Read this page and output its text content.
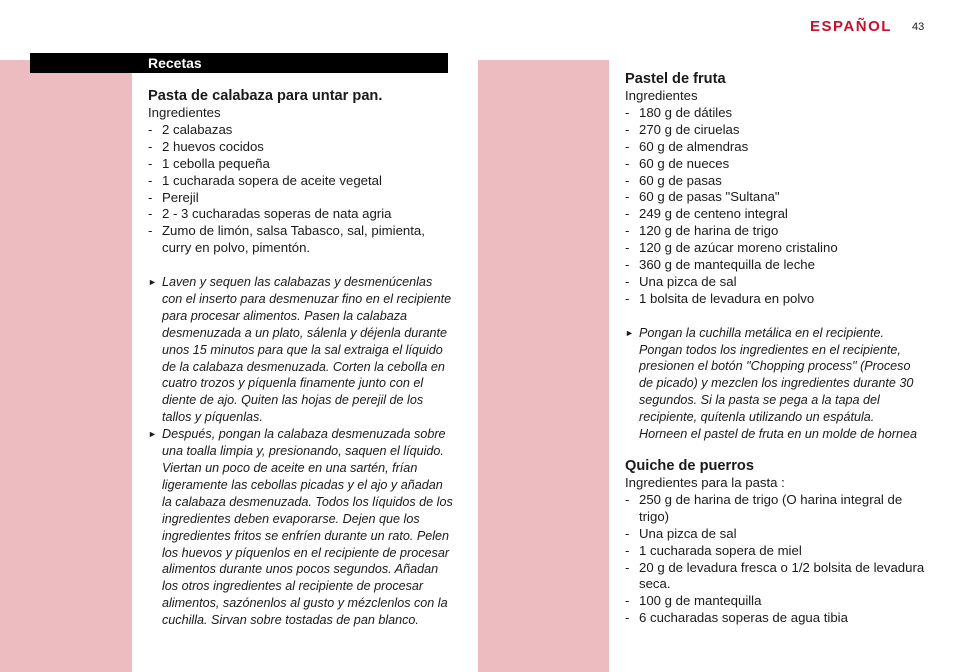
ESPAÑOL 43
Recetas

Pasta de calabaza para untar pan.

Ingredientes

- 2 calabazas
- 2 huevos cocidos
- 1 cebolla pequeña
- 1 cucharada sopera de aceite vegetal
- Perejil
- 2 - 3 cucharadas soperas de nata agria
- Zumo de limón, salsa Tabasco, sal, pimienta, curry en polvo, pimentón.
► Laven y sequen las calabazas y desmenúcenlas con el inserto para desmenuzar fino en el recipiente para procesar alimentos. Pasen la calabaza desmenuzada a un plato, sálenla y déjenla durante unos 15 minutos para que la sal extraiga el líquido de la calabaza desmenuzada. Corten la cebolla en cuatro trozos y píquenla finamente junto con el diente de ajo. Quiten las hojas de perejil de los tallos y píquenlas.
► Después, pongan la calabaza desmenuzada sobre una toalla limpia y, presionando, saquen el líquido. Viertan un poco de aceite en una sartén, frían ligeramente las cebollas picadas y el ajo y añadan la calabaza desmenuzada. Todos los líquidos de los ingredientes deben evaporarse. Dejen que los ingredientes fritos se enfríen durante un rato. Pelen los huevos y píquenlos en el recipiente de procesar alimentos durante unos pocos segundos. Añadan los otros ingredientes al recipiente de procesar alimentos, sazónenlos al gusto y mézclenlos con la cuchilla. Sirvan sobre tostadas de pan blanco.

Pastel de fruta

Ingredientes

- 180 g de dátiles
- 270 g de ciruelas
- 60 g de almendras
- 60 g de nueces
- 60 g de pasas
- 60 g de pasas "Sultana"
- 249 g de centeno integral
- 120 g de harina de trigo
- 120 g de azúcar moreno cristalino
- 360 g de mantequilla de leche
- Una pizca de sal
- 1 bolsita de levadura en polvo
► Pongan la cuchilla metálica en el recipiente. Pongan todos los ingredientes en el recipiente, presionen el botón "Chopping process" (Proceso de picado) y mezclen los ingredientes durante 30 segundos. Si la pasta se pega a la tapa del recipiente, quítenla utilizando un espátula. Horneen el pastel de fruta en un molde de hornea

Quiche de puerros

Ingredientes para la pasta :

- 250 g de harina de trigo (O harina integral de trigo)
- Una pizca de sal
- 1 cucharada sopera de miel
- 20 g de levadura fresca o 1/2 bolsita de levadura seca.
- 100 g de mantequilla
- 6 cucharadas soperas de agua tibia
